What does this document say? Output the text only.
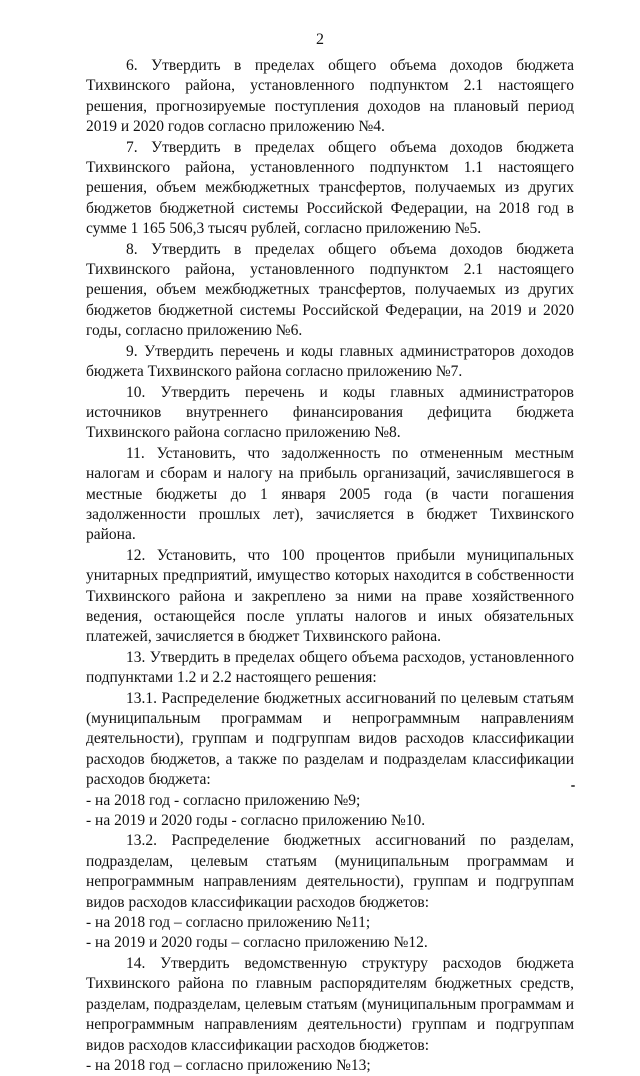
2

6. Утвердить в пределах общего объема доходов бюджета Тихвинского района, установленного подпунктом 2.1 настоящего решения, прогнозируемые поступления доходов на плановый период 2019 и 2020 годов согласно приложению №4.

7. Утвердить в пределах общего объема доходов бюджета Тихвинского района, установленного подпунктом 1.1 настоящего решения, объем межбюджетных трансфертов, получаемых из других бюджетов бюджетной системы Российской Федерации, на 2018 год в сумме 1 165 506,3 тысяч рублей, согласно приложению №5.

8. Утвердить в пределах общего объема доходов бюджета Тихвинского района, установленного подпунктом 2.1 настоящего решения, объем межбюджетных трансфертов, получаемых из других бюджетов бюджетной системы Российской Федерации, на 2019 и 2020 годы, согласно приложению №6.

9. Утвердить перечень и коды главных администраторов доходов бюджета Тихвинского района согласно приложению №7.

10. Утвердить перечень и коды главных администраторов источников внутреннего финансирования дефицита бюджета Тихвинского района согласно приложению №8.

11. Установить, что задолженность по отмененным местным налогам и сборам и налогу на прибыль организаций, зачислявшегося в местные бюджеты до 1 января 2005 года (в части погашения задолженности прошлых лет), зачисляется в бюджет Тихвинского района.

12. Установить, что 100 процентов прибыли муниципальных унитарных предприятий, имущество которых находится в собственности Тихвинского района и закреплено за ними на праве хозяйственного ведения, остающейся после уплаты налогов и иных обязательных платежей, зачисляется в бюджет Тихвинского района.

13. Утвердить в пределах общего объема расходов, установленного подпунктами 1.2 и 2.2 настоящего решения:

13.1. Распределение бюджетных ассигнований по целевым статьям (муниципальным программам и непрограммным направлениям деятельности), группам и подгруппам видов расходов классификации расходов бюджетов, а также по разделам и подразделам классификации расходов бюджета:

- на 2018 год - согласно приложению №9;

- на 2019 и 2020 годы - согласно приложению №10.

13.2. Распределение бюджетных ассигнований по разделам, подразделам, целевым статьям (муниципальным программам и непрограммным направлениям деятельности), группам и подгруппам видов расходов классификации расходов бюджетов:

- на 2018 год – согласно приложению №11;

- на 2019 и 2020 годы – согласно приложению №12.

14. Утвердить ведомственную структуру расходов бюджета Тихвинского района по главным распорядителям бюджетных средств, разделам, подразделам, целевым статьям (муниципальным программам и непрограммным направлениям деятельности) группам и подгруппам видов расходов классификации расходов бюджетов:

- на 2018 год – согласно приложению №13;
